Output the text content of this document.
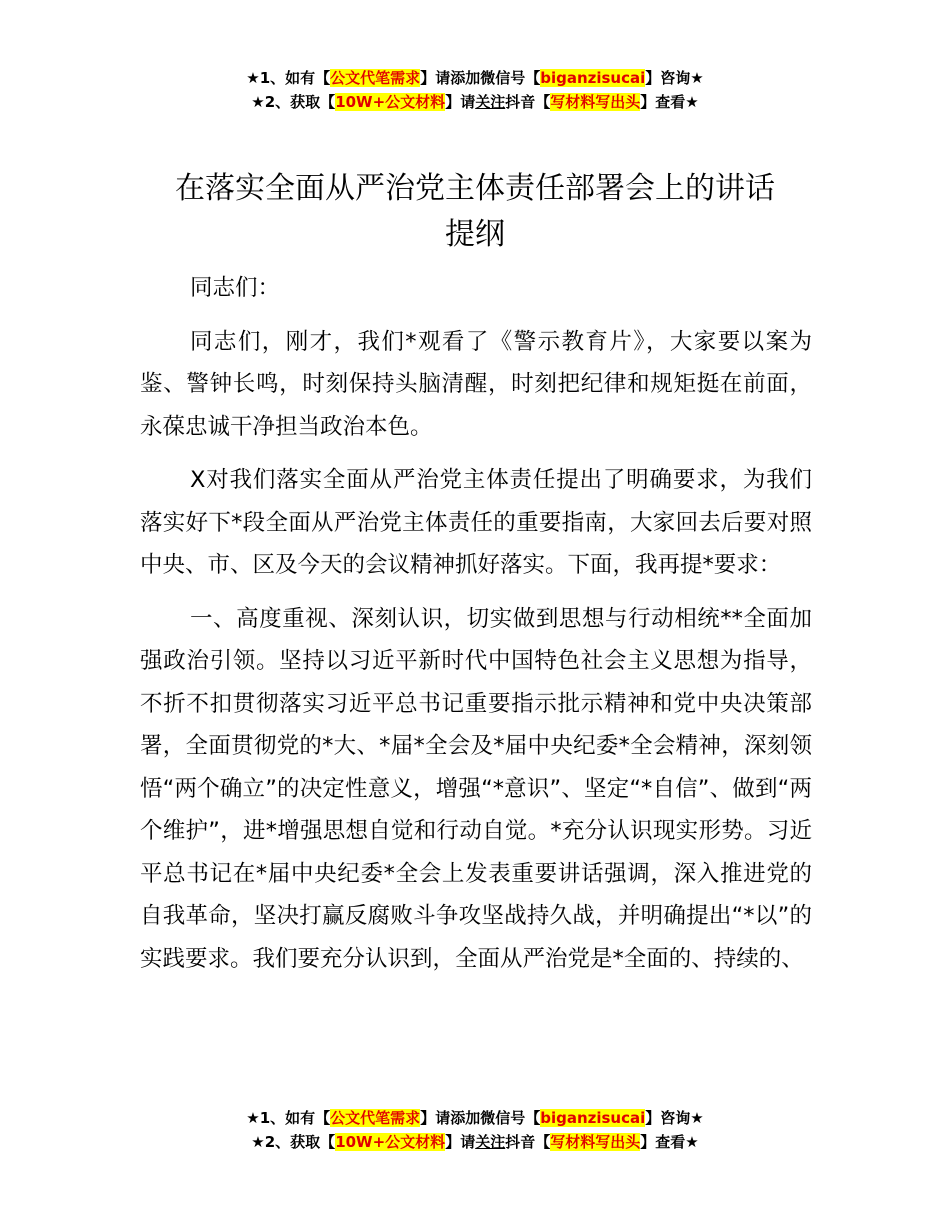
★1、如有【公文代笔需求】请添加微信号【biganzisucai】咨询★
★2、获取【10W+公文材料】请关注抖音【写材料写出头】查看★
在落实全面从严治党主体责任部署会上的讲话
提纲

同志们：

同志们，刚才，我们*观看了《警示教育片》，大家要以案为鉴、警钟长鸣，时刻保持头脑清醒，时刻把纪律和规矩挺在前面，永葆忠诚干净担当政治本色。

X对我们落实全面从严治党主体责任提出了明确要求，为我们落实好下*段全面从严治党主体责任的重要指南，大家回去后要对照中央、市、区及今天的会议精神抓好落实。下面，我再提*要求：

一、高度重视、深刻认识，切实做到思想与行动相统**全面加强政治引领。坚持以习近平新时代中国特色社会主义思想为指导，不折不扣贯彻落实习近平总书记重要指示批示精神和党中央决策部署，全面贯彻党的*大、*届*全会及*届中央纪委*全会精神，深刻领悟“两个确立”的决定性意义，增强“*意识”、坚定“*自信”、做到“两个维护”，进*增强思想自觉和行动自觉。*充分认识现实形势。习近平总书记在*届中央纪委*全会上发表重要讲话强调，深入推进党的自我革命，坚决打赢反腐败斗争攻坚战持久战，并明确提出“*以”的实践要求。我们要充分认识到，全面从严治党是*全面的、持续的、

★1、如有【公文代笔需求】请添加微信号【biganzisucai】咨询★
★2、获取【10W+公文材料】请关注抖音【写材料写出头】查看★
